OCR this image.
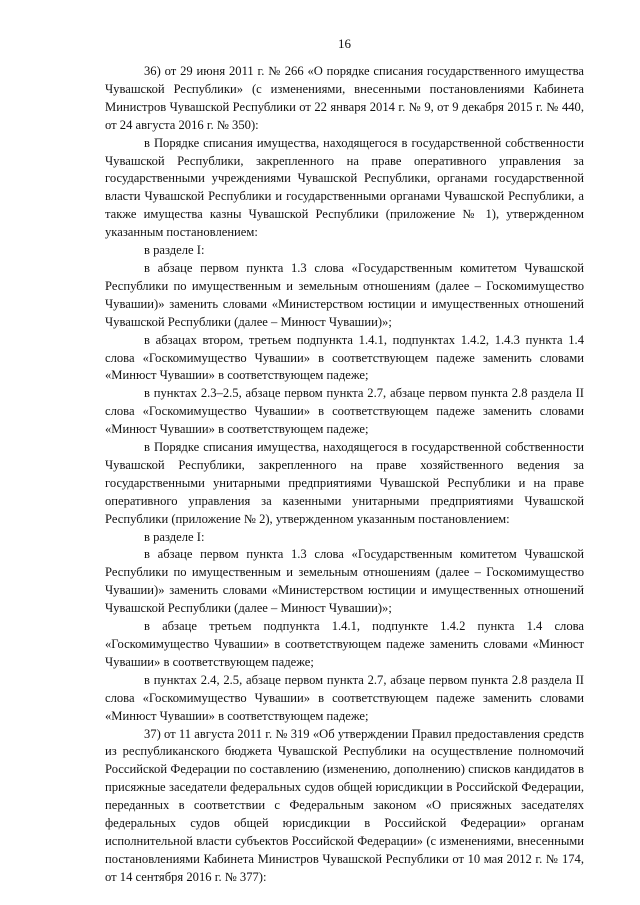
16

36) от 29 июня 2011 г. № 266 «О порядке списания государственного имущества Чувашской Республики» (с изменениями, внесенными постановлениями Кабинета Министров Чувашской Республики от 22 января 2014 г. № 9, от 9 декабря 2015 г. № 440, от 24 августа 2016 г. № 350):

в Порядке списания имущества, находящегося в государственной собственности Чувашской Республики, закрепленного на праве оперативного управления за государственными учреждениями Чувашской Республики, органами государственной власти Чувашской Республики и государственными органами Чувашской Республики, а также имущества казны Чувашской Республики (приложение № 1), утвержденном указанным постановлением:

в разделе I:

в абзаце первом пункта 1.3 слова «Государственным комитетом Чувашской Республики по имущественным и земельным отношениям (далее – Госкомимущество Чувашии)» заменить словами «Министерством юстиции и имущественных отношений Чувашской Республики (далее – Минюст Чувашии)»;

в абзацах втором, третьем подпункта 1.4.1, подпунктах 1.4.2, 1.4.3 пункта 1.4 слова «Госкомимущество Чувашии» в соответствующем падеже заменить словами «Минюст Чувашии» в соответствующем падеже;

в пунктах 2.3–2.5, абзаце первом пункта 2.7, абзаце первом пункта 2.8 раздела II слова «Госкомимущество Чувашии» в соответствующем падеже заменить словами «Минюст Чувашии» в соответствующем падеже;

в Порядке списания имущества, находящегося в государственной собственности Чувашской Республики, закрепленного на праве хозяйственного ведения за государственными унитарными предприятиями Чувашской Республики и на праве оперативного управления за казенными унитарными предприятиями Чувашской Республики (приложение № 2), утвержденном указанным постановлением:

в разделе I:

в абзаце первом пункта 1.3 слова «Государственным комитетом Чувашской Республики по имущественным и земельным отношениям (далее – Госкомимущество Чувашии)» заменить словами «Министерством юстиции и имущественных отношений Чувашской Республики (далее – Минюст Чувашии)»;

в абзаце третьем подпункта 1.4.1, подпункте 1.4.2 пункта 1.4 слова «Госкомимущество Чувашии» в соответствующем падеже заменить словами «Минюст Чувашии» в соответствующем падеже;

в пунктах 2.4, 2.5, абзаце первом пункта 2.7, абзаце первом пункта 2.8 раздела II слова «Госкомимущество Чувашии» в соответствующем падеже заменить словами «Минюст Чувашии» в соответствующем падеже;

37) от 11 августа 2011 г. № 319 «Об утверждении Правил предоставления средств из республиканского бюджета Чувашской Республики на осуществление полномочий Российской Федерации по составлению (изменению, дополнению) списков кандидатов в присяжные заседатели федеральных судов общей юрисдикции в Российской Федерации, переданных в соответствии с Федеральным законом «О присяжных заседателях федеральных судов общей юрисдикции в Российской Федерации» органам исполнительной власти субъектов Российской Федерации» (с изменениями, внесенными постановлениями Кабинета Министров Чувашской Республики от 10 мая 2012 г. № 174, от 14 сентября 2016 г. № 377):
